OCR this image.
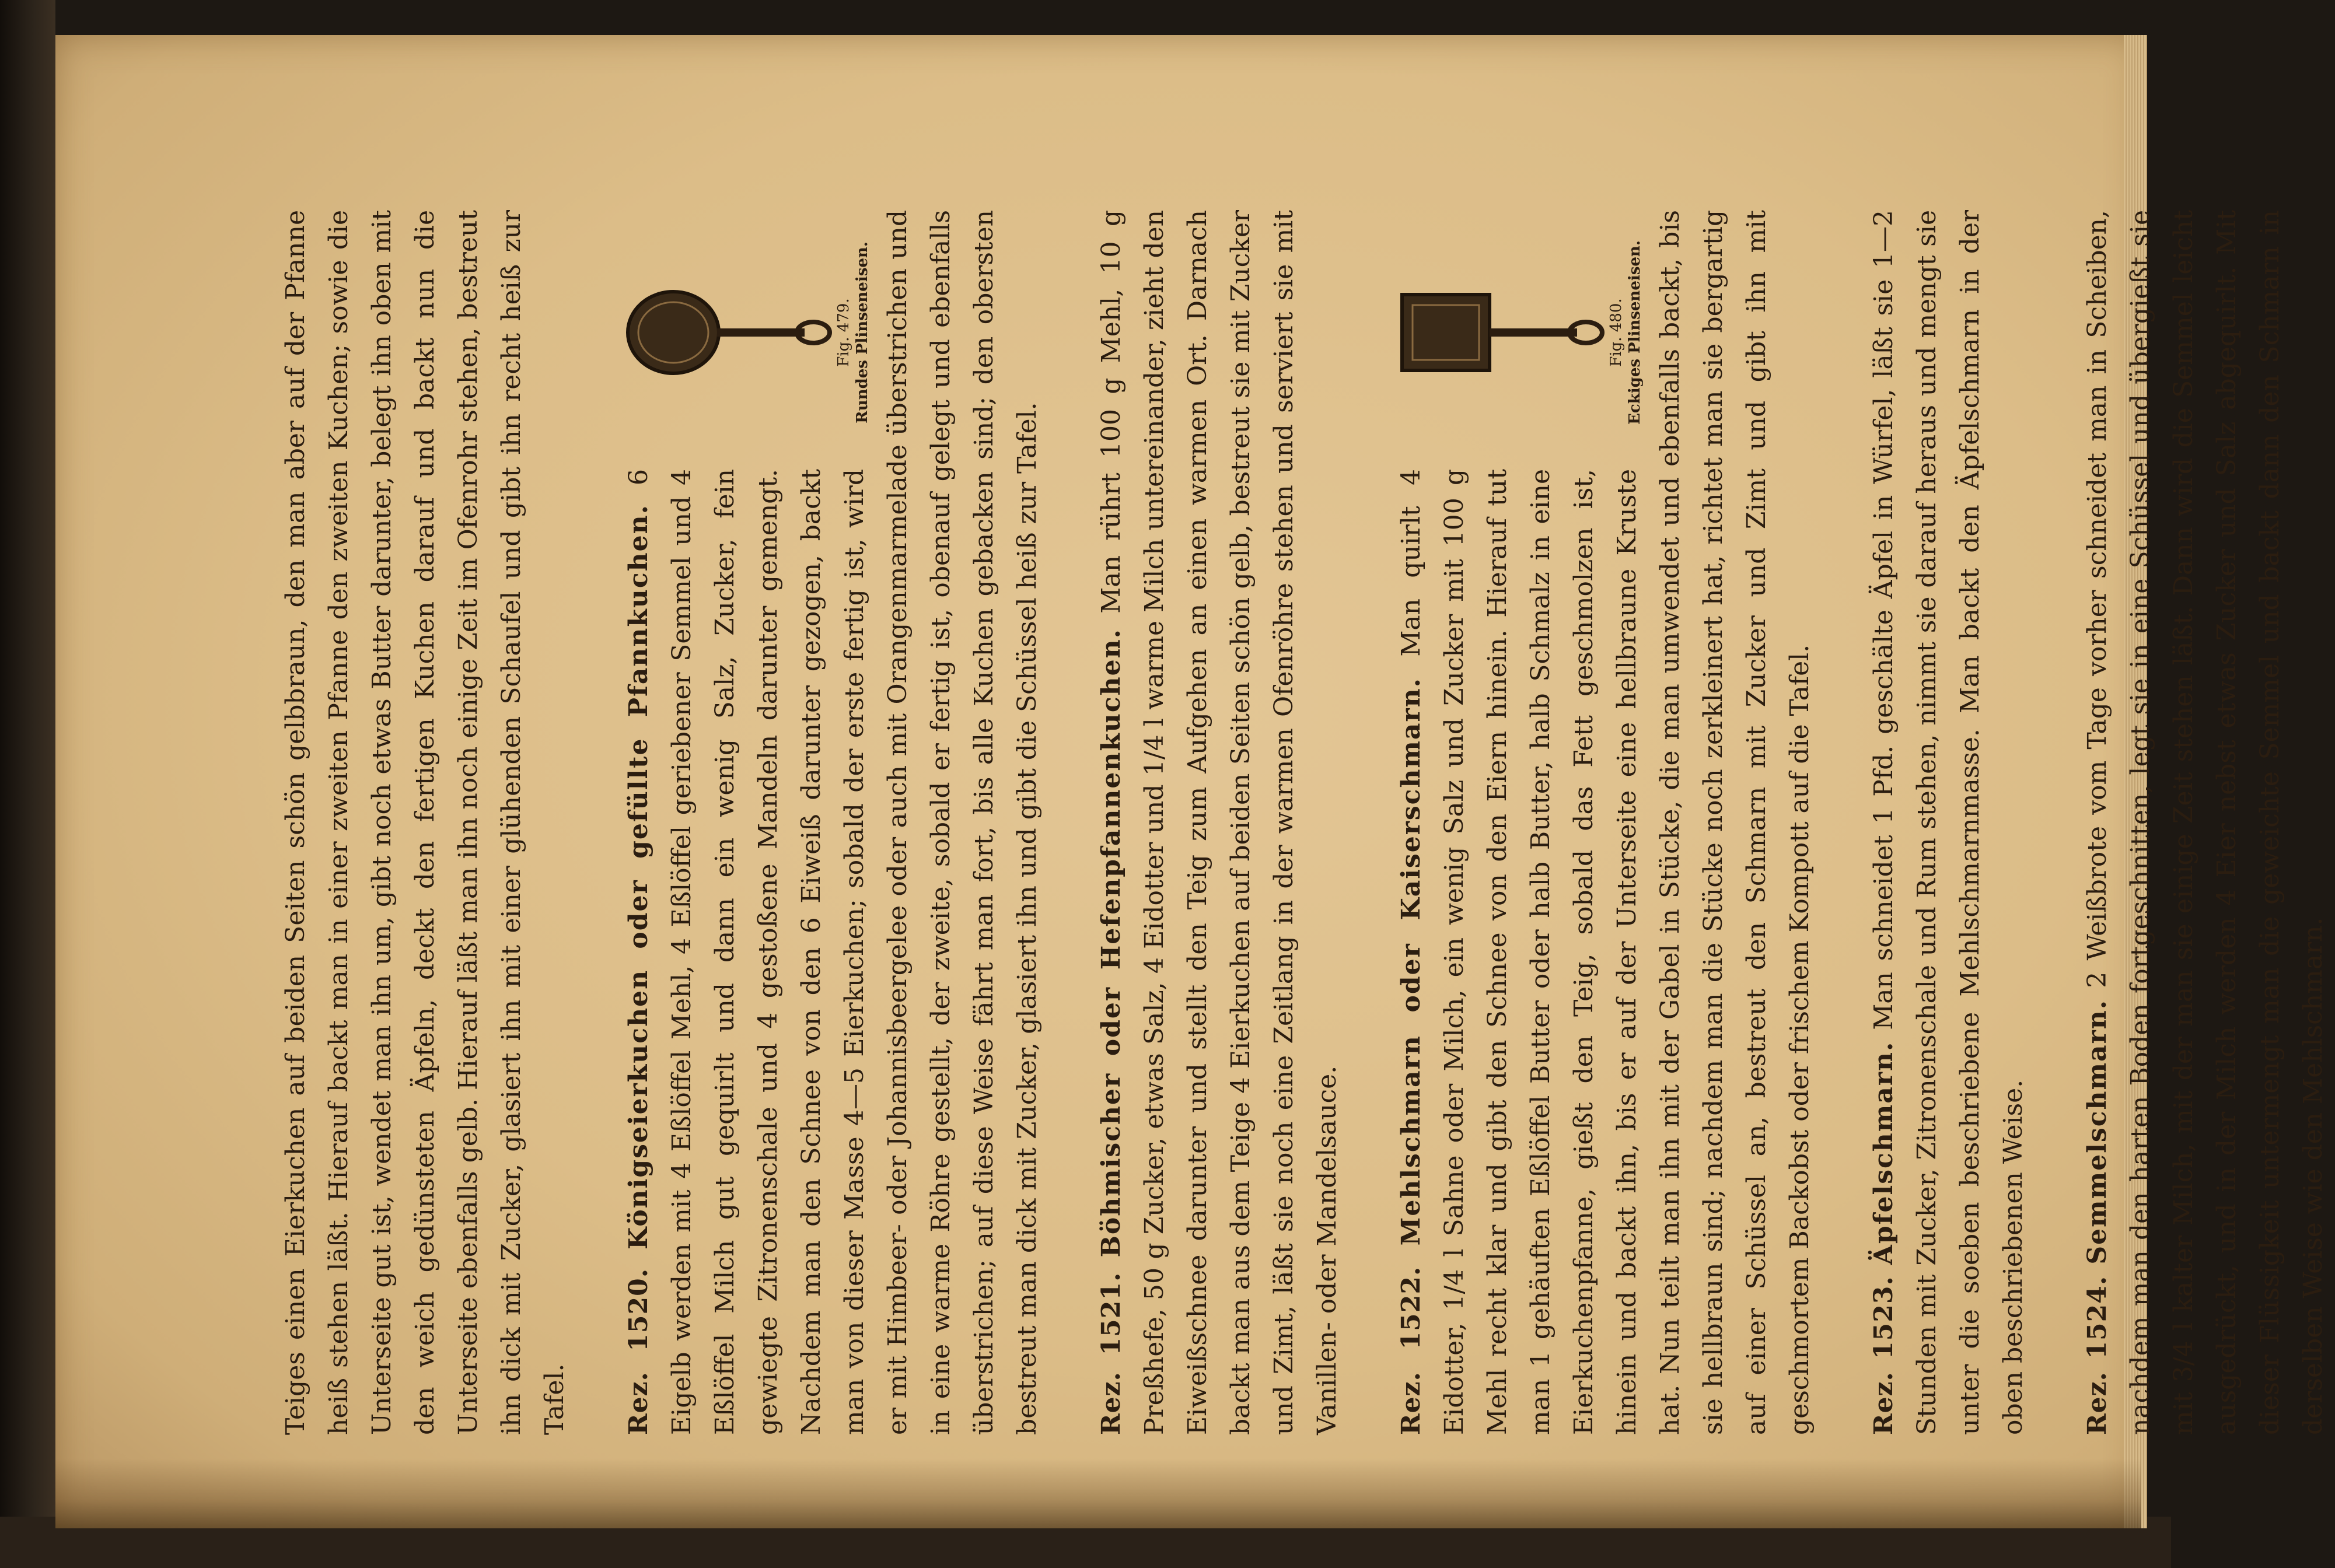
Teiges einen Eierkuchen auf beiden Seiten schön gelbbraun, den man aber auf der Pfanne heiß stehen läßt. Hierauf backt man in einer zweiten Pfanne den zweiten Kuchen; sowie die Unterseite gut ist, wendet man ihn um, gibt noch etwas Butter darunter, belegt ihn oben mit den weich gedünsteten Äpfeln, deckt den fertigen Kuchen darauf und backt nun die Unterseite ebenfalls gelb. Hierauf läßt man ihn noch einige Zeit im Ofenrohr stehen, bestreut ihn dick mit Zucker, glasiert ihn mit einer glühenden Schaufel und gibt ihn recht heiß zur Tafel.

Fig. 479. Rundes Plinseneisen.
Rez. 1520. Königseierkuchen oder gefüllte Pfannkuchen. 6 Eigelb werden mit 4 Eßlöffel Mehl, 4 Eßlöffel geriebener Semmel und 4 Eßlöffel Milch gut gequirlt und dann ein wenig Salz, Zucker, fein gewiegte Zitronenschale und 4 gestoßene Mandeln darunter gemengt. Nachdem man den Schnee von den 6 Eiweiß darunter gezogen, backt man von dieser Masse 4—5 Eierkuchen; sobald der erste fertig ist, wird er mit Himbeer- oder Johannisbeergelee oder auch mit Orangenmarmelade überstrichen und in eine warme Röhre gestellt, der zweite, sobald er fertig ist, obenauf gelegt und ebenfalls überstrichen; auf diese Weise fährt man fort, bis alle Kuchen gebacken sind; den obersten bestreut man dick mit Zucker, glasiert ihn und gibt die Schüssel heiß zur Tafel. Rez. 1521. Böhmischer oder Hefenpfannenkuchen. Man rührt 100 g Mehl, 10 g Preßhefe, 50 g Zucker, etwas Salz, 4 Eidotter und 1/4 l warme Milch untereinander, zieht den Eiweißschnee darunter und stellt den Teig zum Aufgehen an einen warmen Ort. Darnach backt man aus dem Teige 4 Eierkuchen auf beiden Seiten schön gelb, bestreut sie mit Zucker und Zimt, läßt sie noch eine Zeitlang in der warmen Ofenröhre stehen und serviert sie mit Vanillen- oder Mandelsauce.

Fig. 480. Eckiges Plinseneisen.
Rez. 1522. Mehlschmarn oder Kaiserschmarn. Man quirlt 4 Eidotter, 1/4 l Sahne oder Milch, ein wenig Salz und Zucker mit 100 g Mehl recht klar und gibt den Schnee von den Eiern hinein. Hierauf tut man 1 gehäuften Eßlöffel Butter oder halb Butter, halb Schmalz in eine Eierkuchenpfanne, gießt den Teig, sobald das Fett geschmolzen ist, hinein und backt ihn, bis er auf der Unterseite eine hellbraune Kruste hat. Nun teilt man ihn mit der Gabel in Stücke, die man umwendet und ebenfalls backt, bis sie hellbraun sind; nachdem man die Stücke noch zerkleinert hat, richtet man sie bergartig auf einer Schüssel an, bestreut den Schmarn mit Zucker und Zimt und gibt ihn mit geschmortem Backobst oder frischem Kompott auf die Tafel. Rez. 1523. Äpfelschmarn. Man schneidet 1 Pfd. geschälte Äpfel in Würfel, läßt sie 1—2 Stunden mit Zucker, Zitronenschale und Rum stehen, nimmt sie darauf heraus und mengt sie unter die soeben beschriebene Mehlschmarnmasse. Man backt den Äpfelschmarn in der oben beschriebenen Weise. Rez. 1524. Semmelschmarn. 2 Weißbrote vom Tage vorher schneidet man in Scheiben, nachdem man den harten Boden fortgeschnitten, legt sie in eine Schüssel und übergießt sie mit 3/4 l kalter Milch, mit der man sie einige Zeit stehen läßt. Dann wird die Semmel leicht ausgedrückt, und in der Milch werden 4 Eier nebst etwas Zucker und Salz abgequirlt. Mit dieser Flüssigkeit untermengt man die geweichte Semmel und backt dann den Schmarn in derselben Weise wie den Mehlschmarn.
